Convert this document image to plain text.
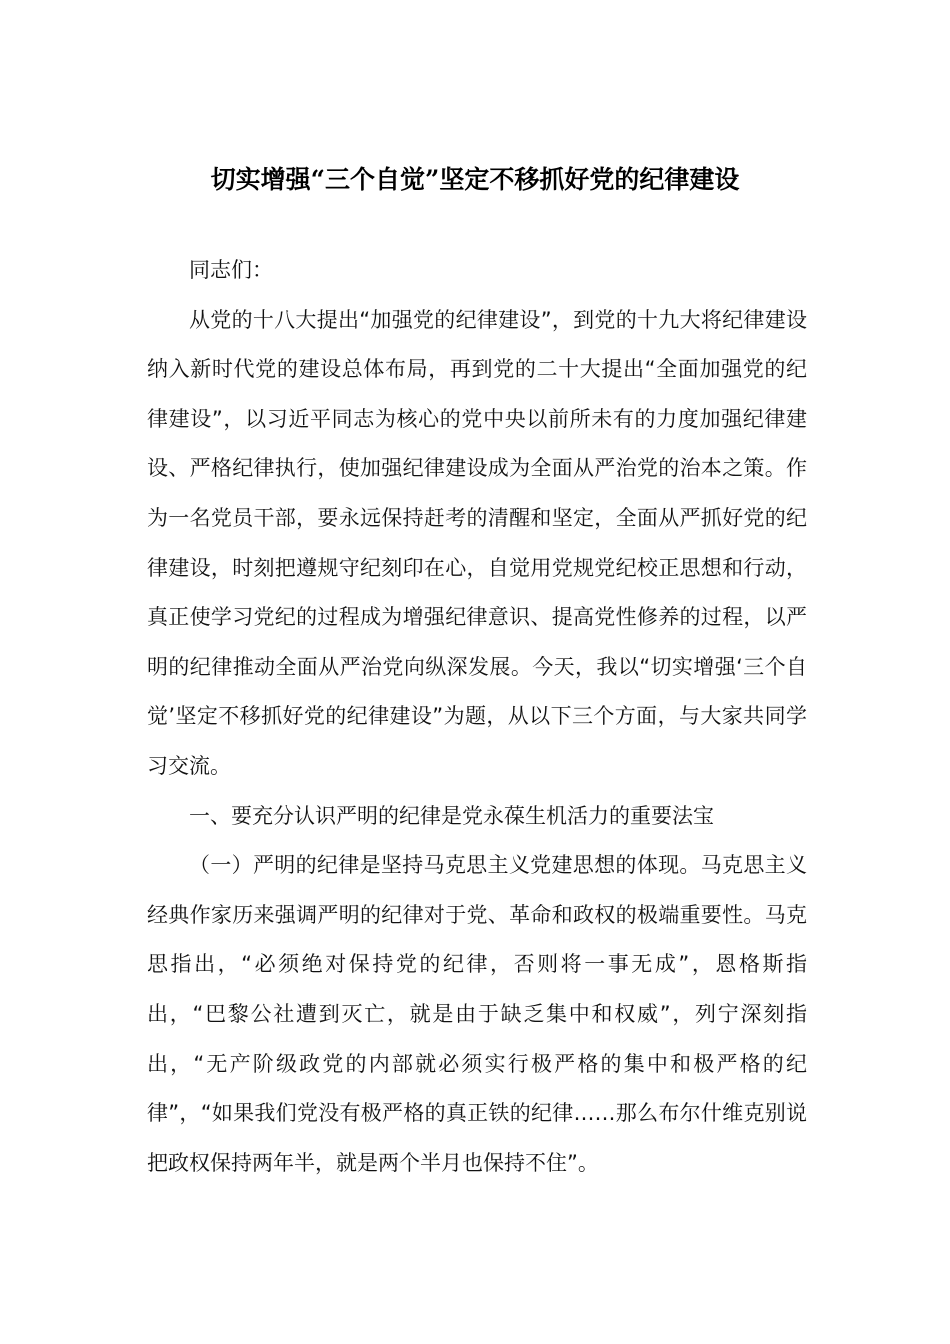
切实增强“三个自觉”坚定不移抓好党的纪律建设

同志们：

从党的十八大提出“加强党的纪律建设”，到党的十九大将纪律建设纳入新时代党的建设总体布局，再到党的二十大提出“全面加强党的纪律建设”，以习近平同志为核心的党中央以前所未有的力度加强纪律建设、严格纪律执行，使加强纪律建设成为全面从严治党的治本之策。作为一名党员干部，要永远保持赶考的清醒和坚定，全面从严抓好党的纪律建设，时刻把遵规守纪刻印在心，自觉用党规党纪校正思想和行动，真正使学习党纪的过程成为增强纪律意识、提高党性修养的过程，以严明的纪律推动全面从严治党向纵深发展。今天，我以“切实增强‘三个自觉’坚定不移抓好党的纪律建设”为题，从以下三个方面，与大家共同学习交流。

一、要充分认识严明的纪律是党永葆生机活力的重要法宝

（一）严明的纪律是坚持马克思主义党建思想的体现。马克思主义经典作家历来强调严明的纪律对于党、革命和政权的极端重要性。马克思指出，“必须绝对保持党的纪律，否则将一事无成”，恩格斯指出，“巴黎公社遭到灭亡，就是由于缺乏集中和权威”，列宁深刻指出，“无产阶级政党的内部就必须实行极严格的集中和极严格的纪律”，“如果我们党没有极严格的真正铁的纪律……那么布尔什维克别说把政权保持两年半，就是两个半月也保持不住”。
